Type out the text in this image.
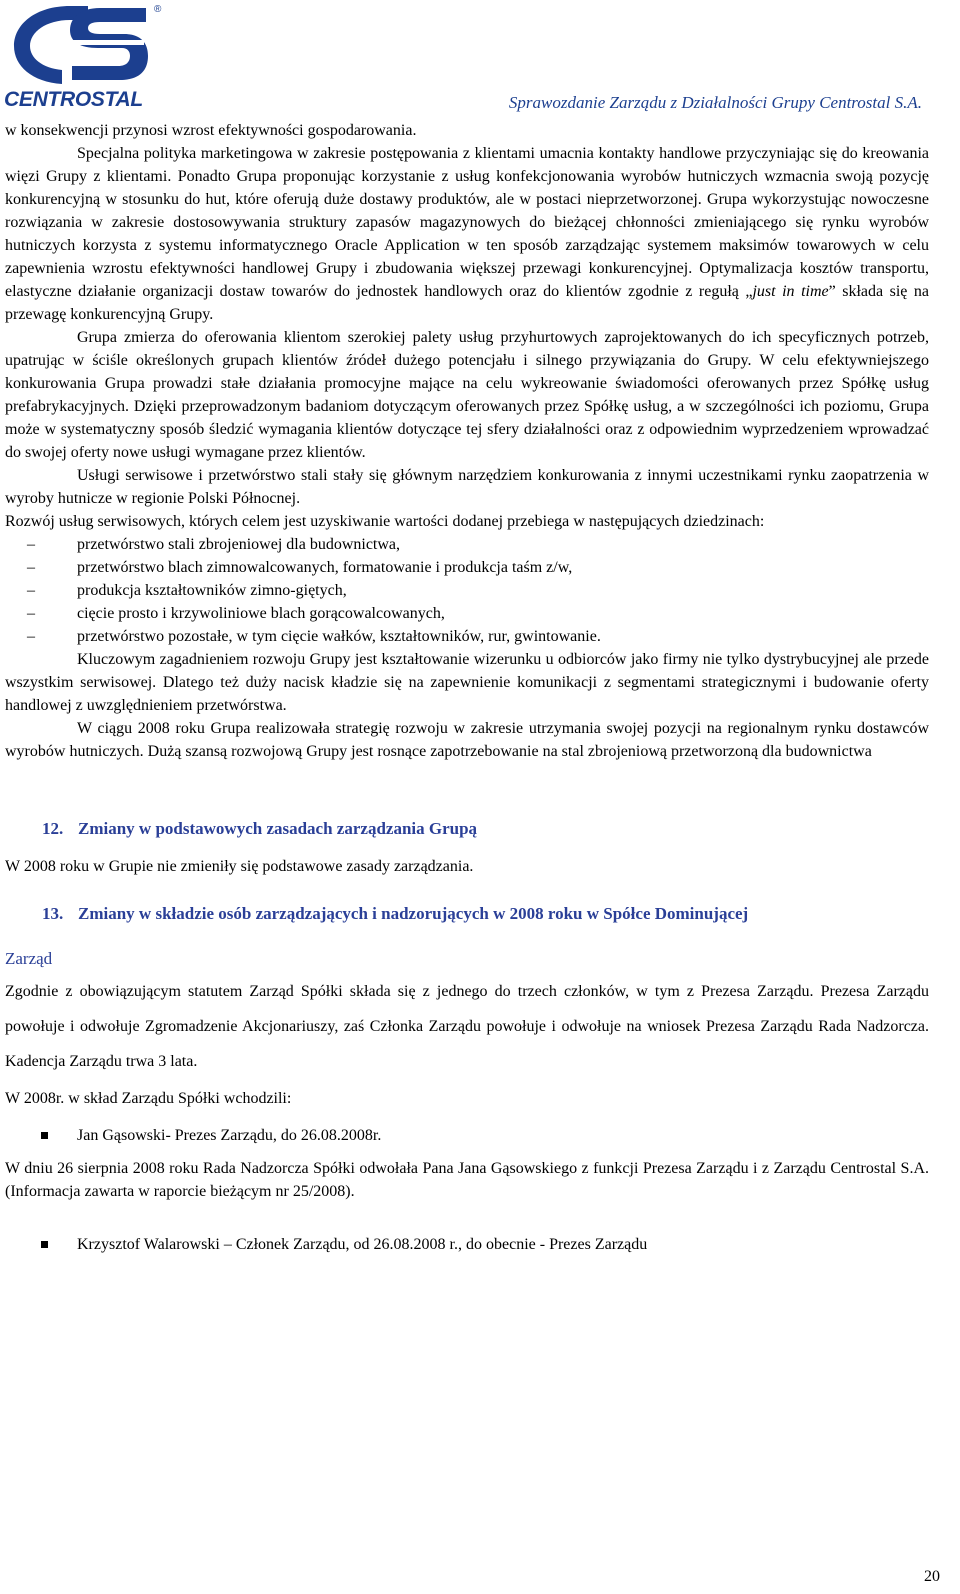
®
CENTROSTAL	Sprawozdanie Zarządu z Działalności Grupy Centrostal S.A.

w konsekwencji przynosi wzrost efektywności gospodarowania.

Specjalna polityka marketingowa w zakresie postępowania z klientami umacnia kontakty handlowe przyczyniając się do kreowania więzi Grupy z klientami. Ponadto Grupa proponując korzystanie z usług konfekcjonowania wyrobów hutniczych wzmacnia swoją pozycję konkurencyjną w stosunku do hut, które oferują duże dostawy produktów, ale w postaci nieprzetworzonej. Grupa wykorzystując nowoczesne rozwiązania w zakresie dostosowywania struktury zapasów magazynowych do bieżącej chłonności zmieniającego się rynku wyrobów hutniczych korzysta z systemu informatycznego Oracle Application w ten sposób zarządzając systemem maksimów towarowych w celu zapewnienia wzrostu efektywności handlowej Grupy i zbudowania większej przewagi konkurencyjnej. Optymalizacja kosztów transportu, elastyczne działanie organizacji dostaw towarów do jednostek handlowych oraz do klientów zgodnie z regułą „just in time” składa się na przewagę konkurencyjną Grupy.

Grupa zmierza do oferowania klientom szerokiej palety usług przyhurtowych zaprojektowanych do ich specyficznych potrzeb, upatrując w ściśle określonych grupach klientów źródeł dużego potencjału i silnego przywiązania do Grupy. W celu efektywniejszego konkurowania Grupa prowadzi stałe działania promocyjne mające na celu wykreowanie świadomości oferowanych przez Spółkę usług prefabrykacyjnych. Dzięki przeprowadzonym badaniom dotyczącym oferowanych przez Spółkę usług, a w szczególności ich poziomu, Grupa może w systematyczny sposób śledzić wymagania klientów dotyczące tej sfery działalności oraz z odpowiednim wyprzedzeniem wprowadzać do swojej oferty nowe usługi wymagane przez klientów.

Usługi serwisowe i przetwórstwo stali stały się głównym narzędziem konkurowania z innymi uczestnikami rynku zaopatrzenia w wyroby hutnicze w regionie Polski Północnej.

Rozwój usług serwisowych, których celem jest uzyskiwanie wartości dodanej przebiega w następujących dziedzinach:

– przetwórstwo stali zbrojeniowej dla budownictwa,
– przetwórstwo blach zimnowalcowanych, formatowanie i produkcja taśm z/w,
– produkcja kształtowników zimno-giętych,
– cięcie prosto i krzywoliniowe blach gorącowalcowanych,
– przetwórstwo pozostałe, w tym cięcie wałków, kształtowników, rur, gwintowanie.

Kluczowym zagadnieniem rozwoju Grupy jest kształtowanie wizerunku u odbiorców jako firmy nie tylko dystrybucyjnej ale przede wszystkim serwisowej. Dlatego też duży nacisk kładzie się na zapewnienie komunikacji z segmentami strategicznymi i budowanie oferty handlowej z uwzględnieniem przetwórstwa.

W ciągu 2008 roku Grupa realizowała strategię rozwoju w zakresie utrzymania swojej pozycji na regionalnym rynku dostawców wyrobów hutniczych. Dużą szansą rozwojową Grupy jest rosnące zapotrzebowanie na stal zbrojeniową przetworzoną dla budownictwa

12. Zmiany w podstawowych zasadach zarządzania Grupą

W 2008 roku w Grupie nie zmieniły się podstawowe zasady zarządzania.

13. Zmiany w składzie osób zarządzających i nadzorujących w 2008 roku w Spółce Dominującej

Zarząd

Zgodnie z obowiązującym statutem Zarząd Spółki składa się z jednego do trzech członków, w tym z Prezesa Zarządu. Prezesa Zarządu powołuje i odwołuje Zgromadzenie Akcjonariuszy, zaś Członka Zarządu powołuje i odwołuje na wniosek Prezesa Zarządu Rada Nadzorcza. Kadencja Zarządu trwa 3 lata.

W 2008r. w skład Zarządu Spółki wchodzili:

Jan Gąsowski- Prezes Zarządu, do 26.08.2008r.

W dniu 26 sierpnia 2008 roku Rada Nadzorcza Spółki odwołała Pana Jana Gąsowskiego z funkcji Prezesa Zarządu i z Zarządu Centrostal S.A. (Informacja zawarta w raporcie bieżącym nr 25/2008).

Krzysztof Walarowski – Członek Zarządu, od 26.08.2008 r., do obecnie - Prezes Zarządu
20
